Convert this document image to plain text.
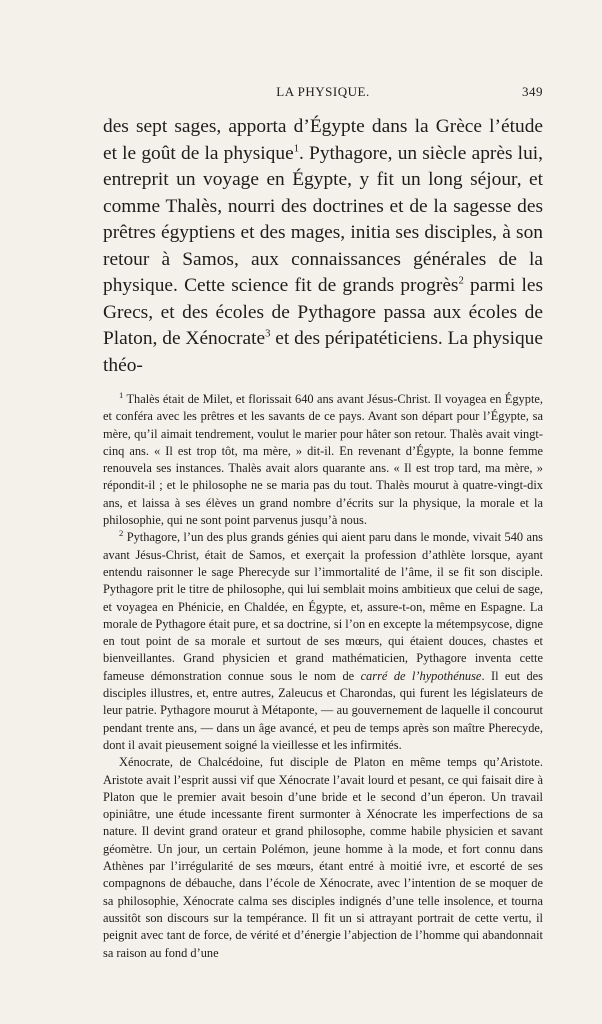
LA PHYSIQUE.	349

des sept sages, apporta d’Égypte dans la Grèce l’étude et le goût de la physique$^1$. Pythagore, un siècle après lui, entreprit un voyage en Égypte, y fit un long séjour, et comme Thalès, nourri des doctrines et de la sagesse des prêtres égyptiens et des mages, initia ses disciples, à son retour à Samos, aux connaissances générales de la physique. Cette science fit de grands progrès$^2$ parmi les Grecs, et des écoles de Pythagore passa aux écoles de Platon, de Xénocrate$^3$ et des péripatéticiens. La physique théo-

$^1$ Thalès était de Milet, et florissait 640 ans avant Jésus-Christ. Il voyagea en Égypte, et conféra avec les prêtres et les savants de ce pays. Avant son départ pour l’Égypte, sa mère, qu’il aimait tendrement, voulut le marier pour hâter son retour. Thalès avait vingt-cinq ans. « Il est trop tôt, ma mère, » dit-il. En revenant d’Égypte, la bonne femme renouvela ses instances. Thalès avait alors quarante ans. « Il est trop tard, ma mère, » répondit-il ; et le philosophe ne se maria pas du tout. Thalès mourut à quatre-vingt-dix ans, et laissa à ses élèves un grand nombre d’écrits sur la physique, la morale et la philosophie, qui ne sont point parvenus jusqu’à nous.

$^2$ Pythagore, l’un des plus grands génies qui aient paru dans le monde, vivait 540 ans avant Jésus-Christ, était de Samos, et exerçait la profession d’athlète lorsque, ayant entendu raisonner le sage Pherecyde sur l’immortalité de l’âme, il se fit son disciple. Pythagore prit le titre de philosophe, qui lui semblait moins ambitieux que celui de sage, et voyagea en Phénicie, en Chaldée, en Égypte, et, assure-t-on, même en Espagne. La morale de Pythagore était pure, et sa doctrine, si l’on en excepte la métempsycose, digne en tout point de sa morale et surtout de ses mœurs, qui étaient douces, chastes et bienveillantes. Grand physicien et grand mathématicien, Pythagore inventa cette fameuse démonstration connue sous le nom de carré de l’hypothénuse. Il eut des disciples illustres, et, entre autres, Zaleucus et Charondas, qui furent les législateurs de leur patrie. Pythagore mourut à Métaponte, — au gouvernement de laquelle il concourut pendant trente ans, — dans un âge avancé, et peu de temps après son maître Pherecyde, dont il avait pieusement soigné la vieillesse et les infirmités.

Xénocrate, de Chalcédoine, fut disciple de Platon en même temps qu’Aristote. Aristote avait l’esprit aussi vif que Xénocrate l’avait lourd et pesant, ce qui faisait dire à Platon que le premier avait besoin d’une bride et le second d’un éperon. Un travail opiniâtre, une étude incessante firent surmonter à Xénocrate les imperfections de sa nature. Il devint grand orateur et grand philosophe, comme habile physicien et savant géomètre. Un jour, un certain Polémon, jeune homme à la mode, et fort connu dans Athènes par l’irrégularité de ses mœurs, étant entré à moitié ivre, et escorté de ses compagnons de débauche, dans l’école de Xénocrate, avec l’intention de se moquer de sa philosophie, Xénocrate calma ses disciples indignés d’une telle insolence, et tourna aussitôt son discours sur la tempérance. Il fit un si attrayant portrait de cette vertu, il peignit avec tant de force, de vérité et d’énergie l’abjection de l’homme qui abandonnait sa raison au fond d’une
